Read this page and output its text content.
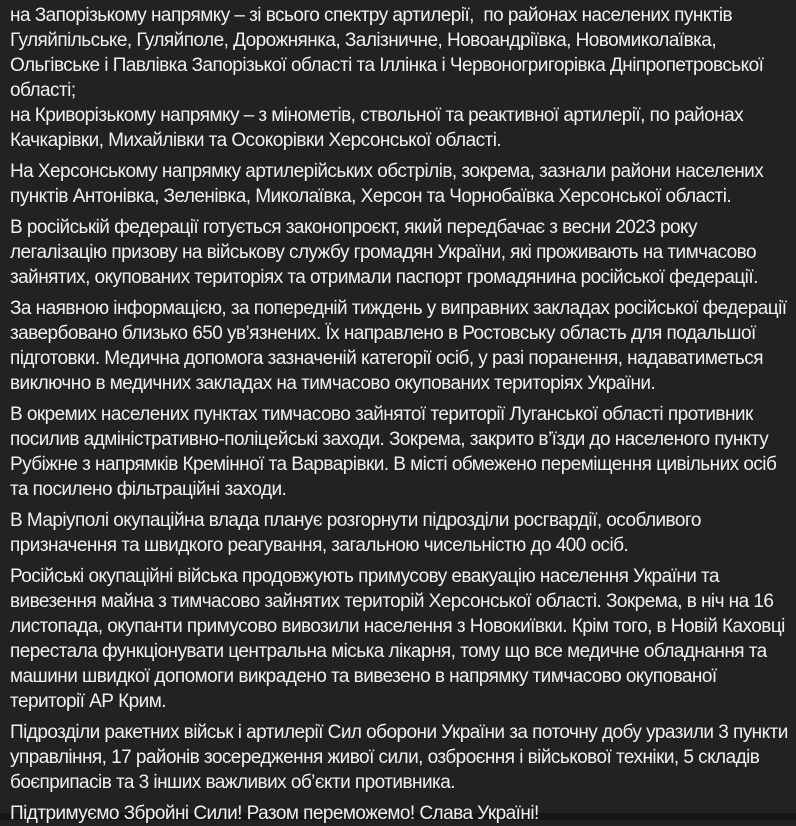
на Запорізькому напрямку – зі всього спектру артилерії,  по районах населених пунктів Гуляйпільське, Гуляйполе, Дорожнянка, Залізничне, Новоандріївка, Новомиколаївка, Ольгівське і Павлівка Запорізької області та Іллінка і Червоногригорівка Дніпропетровської області;

на Криворізькому напрямку – з мінометів, ствольної та реактивної артилерії, по районах Качкарівки, Михайлівки та Осокорівки Херсонської області.

На Херсонському напрямку артилерійських обстрілів, зокрема, зазнали райони населених пунктів Антонівка, Зеленівка, Миколаївка, Херсон та Чорнобаївка Херсонської області.

В російській федерації готується законопроєкт, який передбачає з весни 2023 року легалізацію призову на військову службу громадян України, які проживають на тимчасово зайнятих, окупованих територіях та отримали паспорт громадянина російської федерації.

За наявною інформацією, за попередній тиждень у виправних закладах російської федерації завербовано близько 650 ув’язнених. Їх направлено в Ростовську область для подальшої підготовки. Медична допомога зазначеній категорії осіб, у разі поранення, надаватиметься виключно в медичних закладах на тимчасово окупованих територіях України.

В окремих населених пунктах тимчасово зайнятої території Луганської області противник посилив адміністративно-поліцейські заходи. Зокрема, закрито в’їзди до населеного пункту Рубіжне з напрямків Кремінної та Варварівки. В місті обмежено переміщення цивільних осіб та посилено фільтраційні заходи.

В Маріуполі окупаційна влада планує розгорнути підрозділи росгвардії, особливого призначення та швидкого реагування, загальною чисельністю до 400 осіб.

Російські окупаційні війська продовжують примусову евакуацію населення України та вивезення майна з тимчасово зайнятих територій Херсонської області. Зокрема, в ніч на 16 листопада, окупанти примусово вивозили населення з Новокиївки. Крім того, в Новій Каховці перестала функціонувати центральна міська лікарня, тому що все медичне обладнання та машини швидкої допомоги викрадено та вивезено в напрямку тимчасово окупованої території АР Крим.

Підрозділи ракетних військ і артилерії Сил оборони України за поточну добу уразили 3 пункти управління, 17 районів зосередження живої сили, озброєння і військової техніки, 5 складів боєприпасів та 3 інших важливих об’єкти противника.

Підтримуємо Збройні Сили! Разом переможемо! Слава Україні!
